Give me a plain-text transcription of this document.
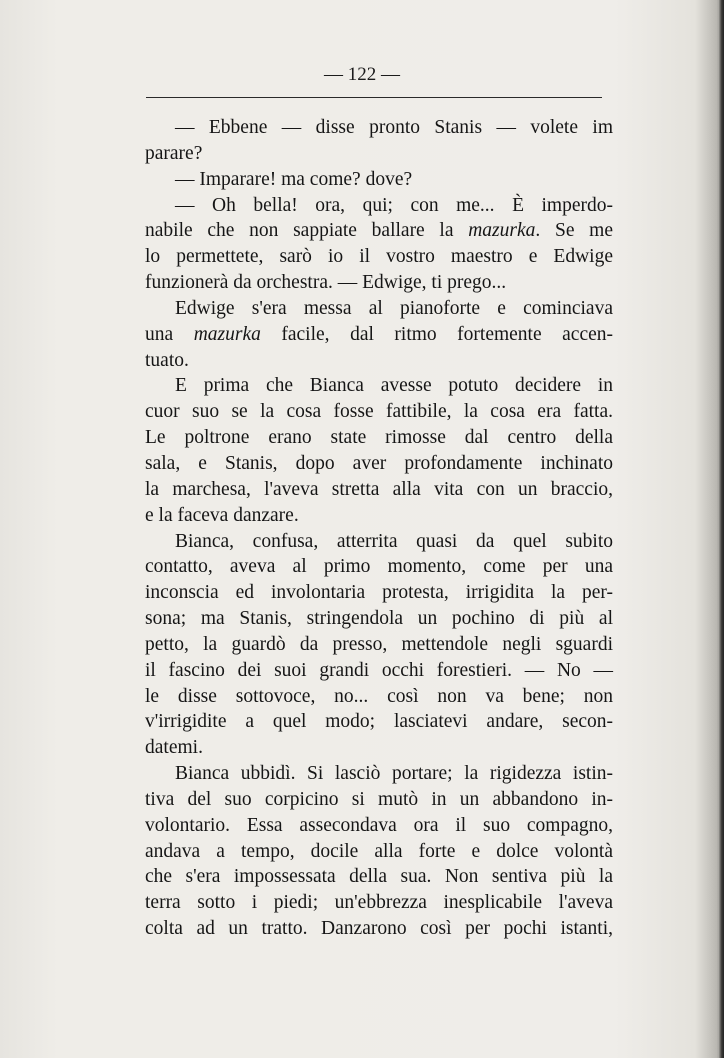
— 122 —
— Ebbene — disse pronto Stanis — volete im
parare?
— Imparare! ma come? dove?
— Oh bella! ora, qui; con me... È imperdo-
nabile che non sappiate ballare la mazurka. Se me
lo permettete, sarò io il vostro maestro e Edwige
funzionerà da orchestra. — Edwige, ti prego...
Edwige s'era messa al pianoforte e cominciava
una mazurka facile, dal ritmo fortemente accen-
tuato.
E prima che Bianca avesse potuto decidere in
cuor suo se la cosa fosse fattibile, la cosa era fatta.
Le poltrone erano state rimosse dal centro della
sala, e Stanis, dopo aver profondamente inchinato
la marchesa, l'aveva stretta alla vita con un braccio,
e la faceva danzare.
Bianca, confusa, atterrita quasi da quel subito
contatto, aveva al primo momento, come per una
inconscia ed involontaria protesta, irrigidita la per-
sona; ma Stanis, stringendola un pochino di più al
petto, la guardò da presso, mettendole negli sguardi
il fascino dei suoi grandi occhi forestieri. — No —
le disse sottovoce, no... così non va bene; non
v'irrigidite a quel modo; lasciatevi andare, secon-
datemi.
Bianca ubbidì. Si lasciò portare; la rigidezza istin-
tiva del suo corpicino si mutò in un abbandono in-
volontario. Essa assecondava ora il suo compagno,
andava a tempo, docile alla forte e dolce volontà
che s'era impossessata della sua. Non sentiva più la
terra sotto i piedi; un'ebbrezza inesplicabile l'aveva
colta ad un tratto. Danzarono così per pochi istanti,
